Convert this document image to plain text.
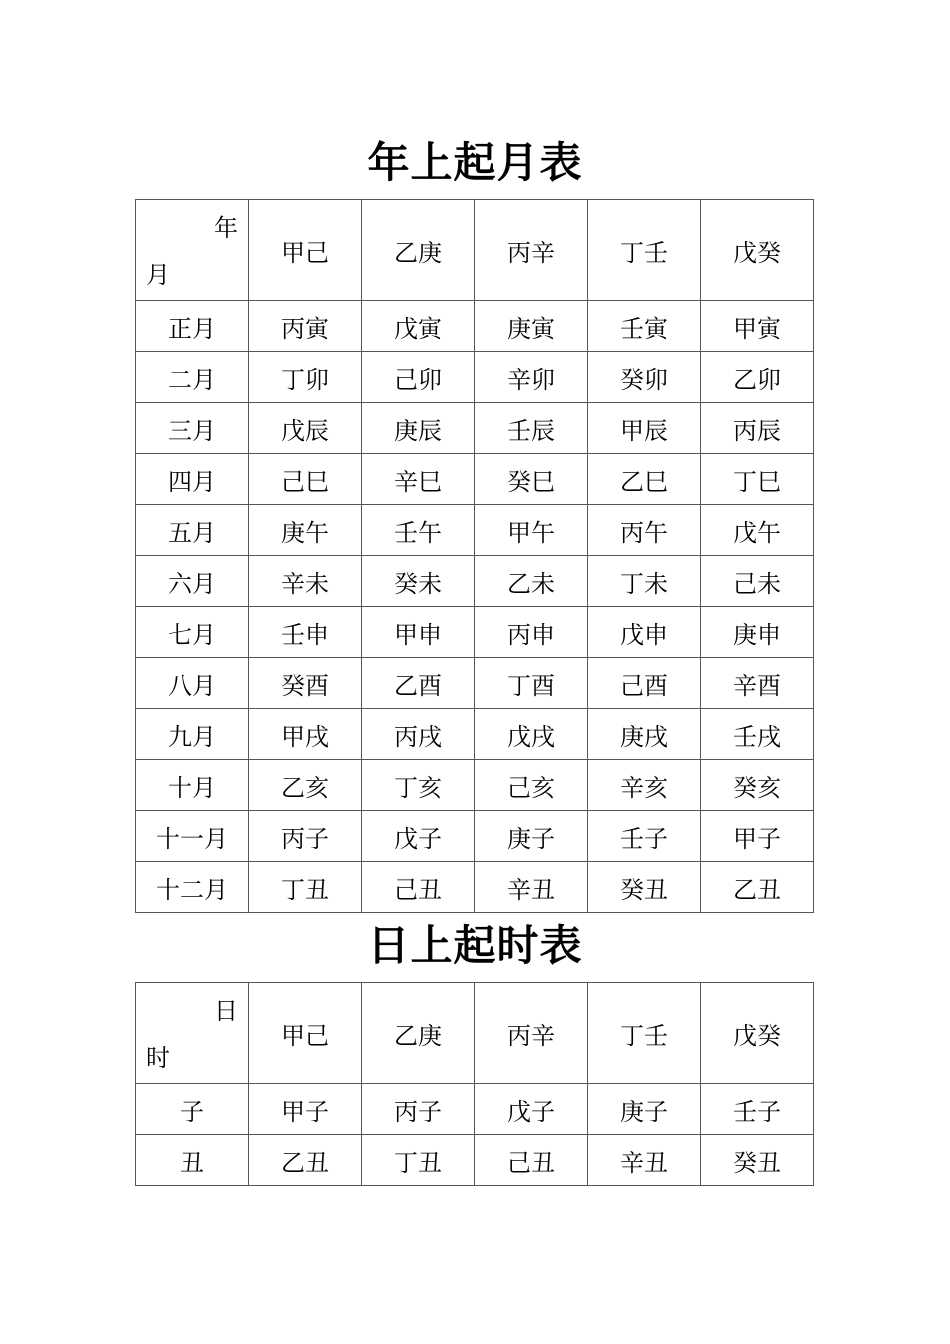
年上起月表
年
月	甲己	乙庚	丙辛	丁壬	戊癸
正月	丙寅	戊寅	庚寅	壬寅	甲寅
二月	丁卯	己卯	辛卯	癸卯	乙卯
三月	戊辰	庚辰	壬辰	甲辰	丙辰
四月	己巳	辛巳	癸巳	乙巳	丁巳
五月	庚午	壬午	甲午	丙午	戊午
六月	辛未	癸未	乙未	丁未	己未
七月	壬申	甲申	丙申	戊申	庚申
八月	癸酉	乙酉	丁酉	己酉	辛酉
九月	甲戌	丙戌	戊戌	庚戌	壬戌
十月	乙亥	丁亥	己亥	辛亥	癸亥
十一月	丙子	戊子	庚子	壬子	甲子
十二月	丁丑	己丑	辛丑	癸丑	乙丑
日上起时表
日
时	甲己	乙庚	丙辛	丁壬	戊癸
子	甲子	丙子	戊子	庚子	壬子
丑	乙丑	丁丑	己丑	辛丑	癸丑
